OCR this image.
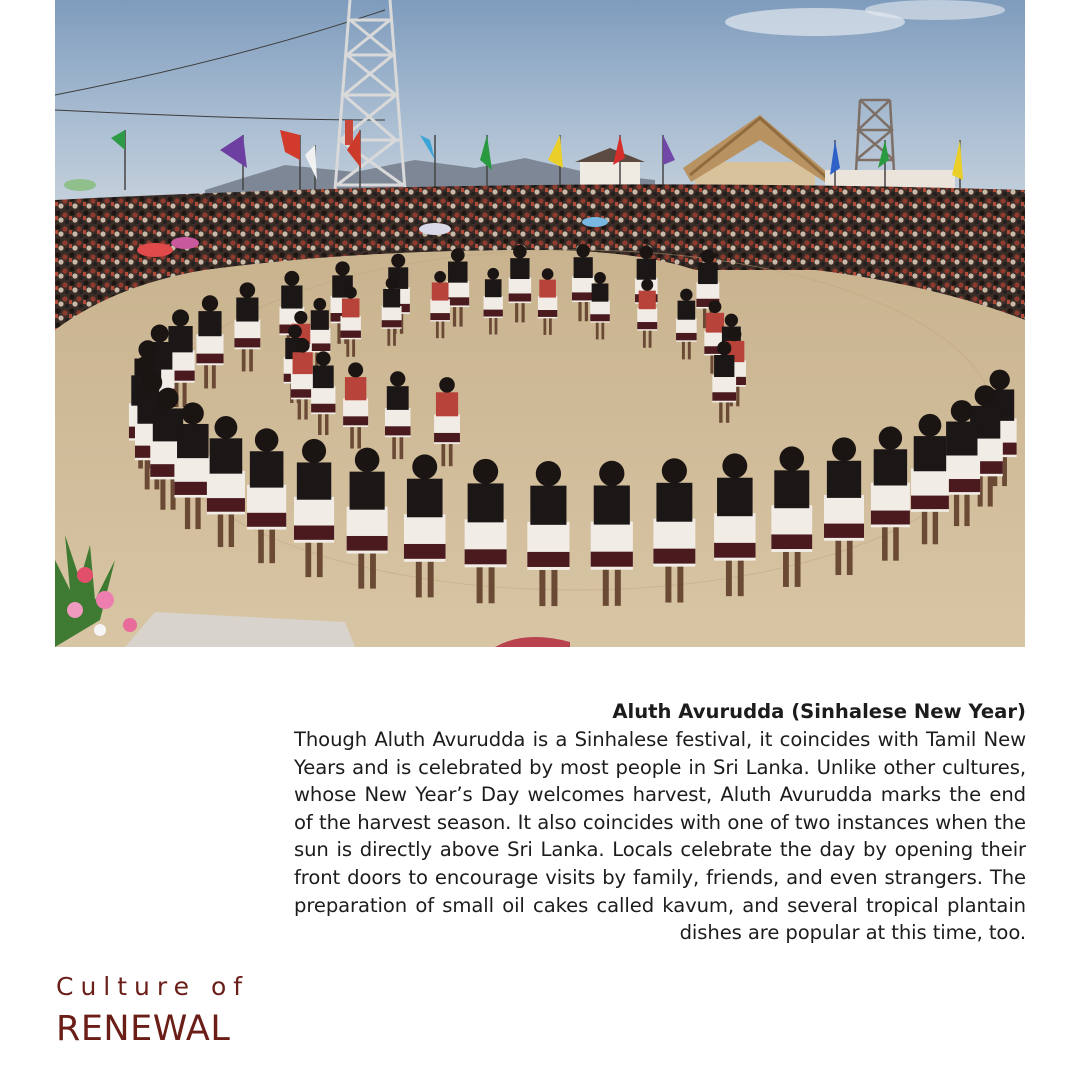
Aluth Avurudda (Sinhalese New Year)

Though Aluth Avurudda is a Sinhalese festival, it coincides with Tamil New Years and is celebrated by most people in Sri Lanka. Unlike other cultures, whose New Year’s Day welcomes harvest, Aluth Avurudda marks the end of the harvest season. It also coincides with one of two instances when the sun is directly above Sri Lanka. Locals celebrate the day by opening their front doors to encourage visits by family, friends, and even strangers. The preparation of small oil cakes called kavum, and several tropical plantain dishes are popular at this time, too.

Culture of
RENEWAL
